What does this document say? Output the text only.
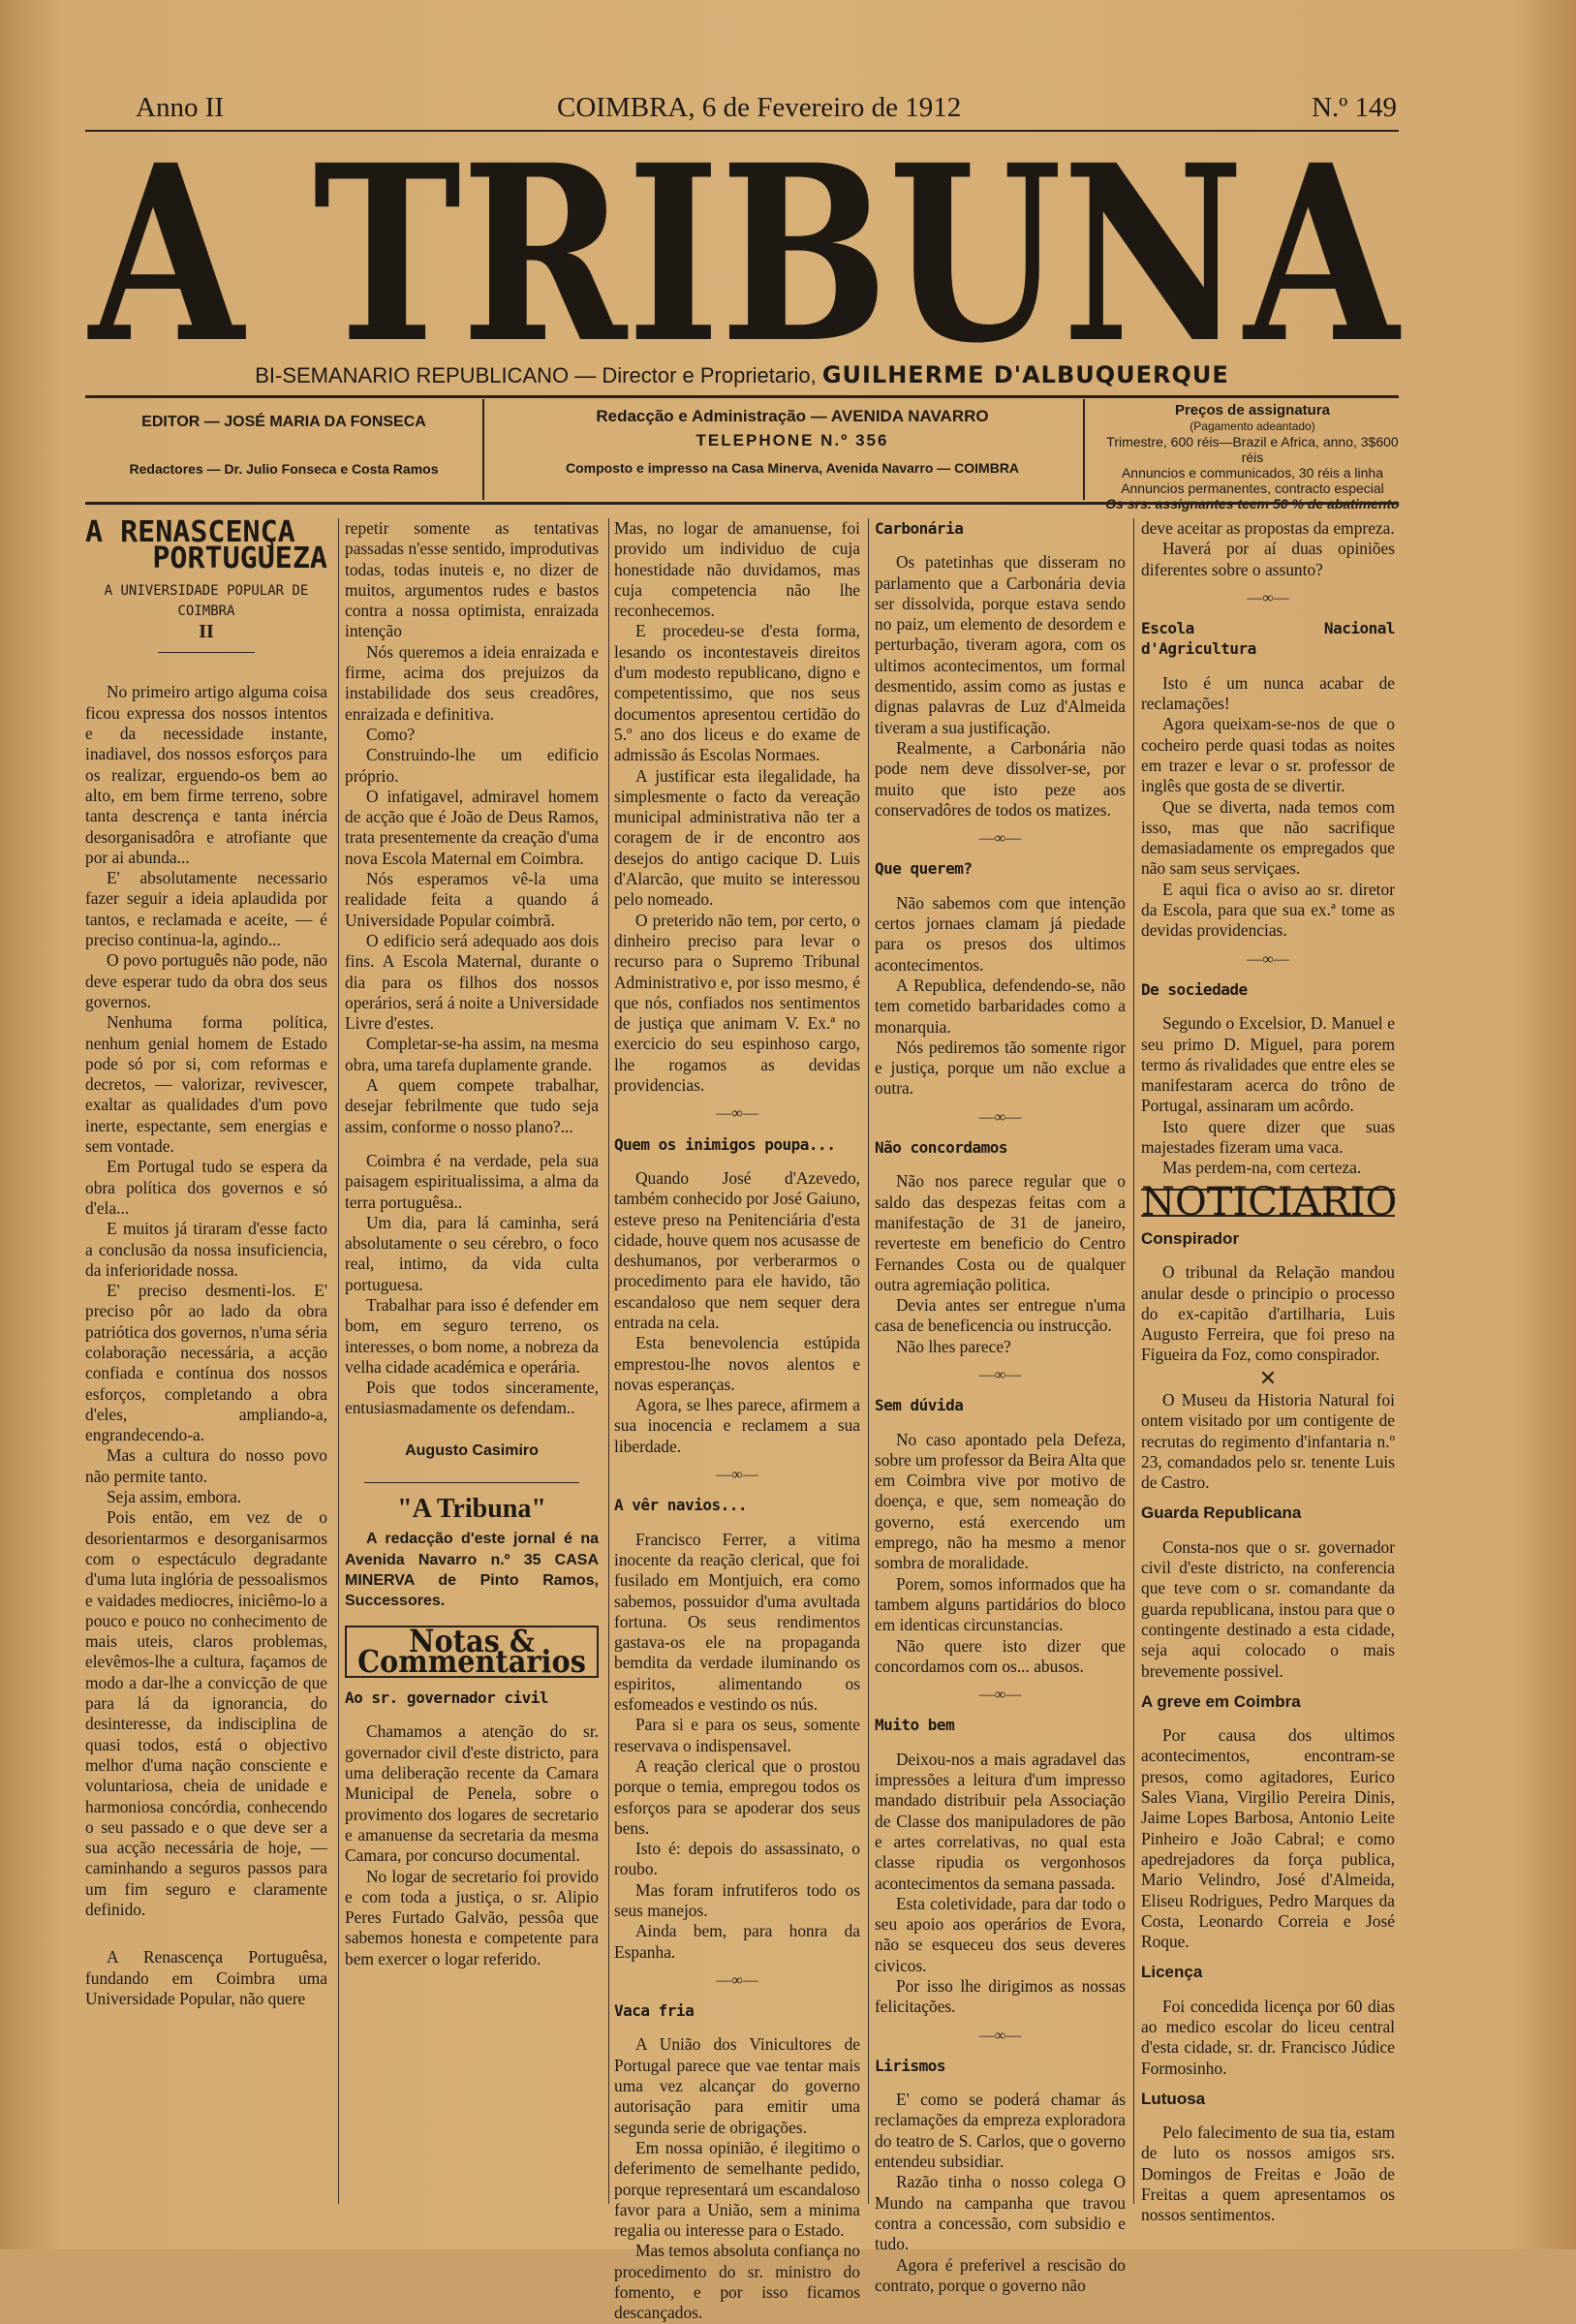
Anno II	COIMBRA, 6 de Fevereiro de 1912	N.º 149
A TRIBUNA
BI-SEMANARIO REPUBLICANO — Director e Proprietario, GUILHERME D'ALBUQUERQUE
EDITOR — JOSÉ MARIA DA FONSECA
Redactores — Dr. Julio Fonseca e Costa Ramos
Redacção e Administração — AVENIDA NAVARRO
TELEPHONE N.º 356
Composto e impresso na Casa Minerva, Avenida Navarro — COIMBRA
Preços de assignatura
(Pagamento adeantado)
Trimestre, 600 réis—Brazil e Africa, anno, 3$600 réis
Annuncios e communicados, 30 réis a linha
Annuncios permanentes, contracto especial
Os srs. assignantes teem 50 % de abatimento
A RENASCENÇA
PORTUGUEZA
A UNIVERSIDADE POPULAR DE COIMBRA
II

No primeiro artigo alguma coisa ficou expressa dos nossos intentos e da necessidade instante, inadiavel, dos nossos esforços para os realizar, erguendo-os bem ao alto, em bem firme terreno, sobre tanta descrença e tanta inércia desorganisadôra e atrofiante que por ai abunda...

E' absolutamente necessario fazer seguir a ideia aplaudida por tantos, e reclamada e aceite, — é preciso continua-la, agindo...

O povo português não pode, não deve esperar tudo da obra dos seus governos.

Nenhuma forma política, nenhum genial homem de Estado pode só por si, com reformas e decretos, — valorizar, revivescer, exaltar as qualidades d'um povo inerte, espectante, sem energias e sem vontade.

Em Portugal tudo se espera da obra política dos governos e só d'ela...

E muitos já tiraram d'esse facto a conclusão da nossa insuficiencia, da inferioridade nossa.

E' preciso desmenti-los. E' preciso pôr ao lado da obra patriótica dos governos, n'uma séria colaboração necessária, a acção confiada e contínua dos nossos esforços, completando a obra d'eles, ampliando-a, engrandecendo-a.

Mas a cultura do nosso povo não permite tanto.

Seja assim, embora.

Pois então, em vez de o desorientarmos e desorganisarmos com o espectáculo degradante d'uma luta inglória de pessoalismos e vaidades mediocres, iniciêmo-lo a pouco e pouco no conhecimento de mais uteis, claros problemas, elevêmos-lhe a cultura, façamos de modo a dar-lhe a convicção de que para lá da ignorancia, do desinteresse, da indisciplina de quasi todos, está o objectivo melhor d'uma nação consciente e voluntariosa, cheia de unidade e harmoniosa concórdia, conhecendo o seu passado e o que deve ser a sua acção necessária de hoje, — caminhando a seguros passos para um fim seguro e claramente definido.

A Renascença Portuguêsa, fundando em Coimbra uma Universidade Popular, não quere

repetir somente as tentativas passadas n'esse sentido, improdutivas todas, todas inuteis e, no dizer de muitos, argumentos rudes e bastos contra a nossa optimista, enraizada intenção

Nós queremos a ideia enraizada e firme, acima dos prejuizos da instabilidade dos seus creadôres, enraizada e definitiva.

Como?

Construindo-lhe um edificio próprio.

O infatigavel, admiravel homem de acção que é João de Deus Ramos, trata presentemente da creação d'uma nova Escola Maternal em Coimbra.

Nós esperamos vê-la uma realidade feita a quando á Universidade Popular coimbrã.

O edificio será adequado aos dois fins. A Escola Maternal, durante o dia para os filhos dos nossos operários, será á noite a Universidade Livre d'estes.

Completar-se-ha assim, na mesma obra, uma tarefa duplamente grande.

A quem compete trabalhar, desejar febrilmente que tudo seja assim, conforme o nosso plano?...

Coimbra é na verdade, pela sua paisagem espiritualissima, a alma da terra portuguêsa..

Um dia, para lá caminha, será absolutamente o seu cérebro, o foco real, intimo, da vida culta portuguesa.

Trabalhar para isso é defender em bom, em seguro terreno, os interesses, o bom nome, a nobreza da velha cidade académica e operária.

Pois que todos sinceramente, entusiasmadamente os defendam..

Augusto Casimiro
"A Tribuna"

A redacção d'este jornal é na Avenida Navarro n.º 35 CASA MINERVA de Pinto Ramos, Successores.

Notas & Commentarios
Ao sr. governador civil

Chamamos a atenção do sr. governador civil d'este districto, para uma deliberação recente da Camara Municipal de Penela, sobre o provimento dos logares de secretario e amanuense da secretaria da mesma Camara, por concurso documental.

No logar de secretario foi provido e com toda a justiça, o sr. Alipio Peres Furtado Galvão, pessôa que sabemos honesta e competente para bem exercer o logar referido.

Mas, no logar de amanuense, foi provido um individuo de cuja honestidade não duvidamos, mas cuja competencia não lhe reconhecemos.

E procedeu-se d'esta forma, lesando os incontestaveis direitos d'um modesto republicano, digno e competentissimo, que nos seus documentos apresentou certidão do 5.º ano dos liceus e do exame de admissão ás Escolas Normaes.

A justificar esta ilegalidade, ha simplesmente o facto da vereação municipal administrativa não ter a coragem de ir de encontro aos desejos do antigo cacique D. Luis d'Alarcão, que muito se interessou pelo nomeado.

O preterido não tem, por certo, o dinheiro preciso para levar o recurso para o Supremo Tribunal Administrativo e, por isso mesmo, é que nós, confiados nos sentimentos de justiça que animam V. Ex.ª no exercicio do seu espinhoso cargo, lhe rogamos as devidas providencias.

—∞—
Quem os inimigos poupa...

Quando José d'Azevedo, também conhecido por José Gaiuno, esteve preso na Penitenciária d'esta cidade, houve quem nos acusasse de deshumanos, por verberarmos o procedimento para ele havido, tão escandaloso que nem sequer dera entrada na cela.

Esta benevolencia estúpida emprestou-lhe novos alentos e novas esperanças.

Agora, se lhes parece, afirmem a sua inocencia e reclamem a sua liberdade.

—∞—
A vêr navios...

Francisco Ferrer, a vitima inocente da reação clerical, que foi fusilado em Montjuich, era como sabemos, possuidor d'uma avultada fortuna. Os seus rendimentos gastava-os ele na propaganda bemdita da verdade iluminando os espiritos, alimentando os esfomeados e vestindo os nús.

Para si e para os seus, somente reservava o indispensavel.

A reação clerical que o prostou porque o temia, empregou todos os esforços para se apoderar dos seus bens.

Isto é: depois do assassinato, o roubo.

Mas foram infrutiferos todo os seus manejos.

Ainda bem, para honra da Espanha.

—∞—
Vaca fria

A União dos Vinicultores de Portugal parece que vae tentar mais uma vez alcançar do governo autorisação para emitir uma segunda serie de obrigações.

Em nossa opinião, é ilegitimo o deferimento de semelhante pedido, porque representará um escandaloso favor para a União, sem a minima regalia ou interesse para o Estado.

Mas temos absoluta confiança no procedimento do sr. ministro do fomento, e por isso ficamos descançados.

Carbonária

Os patetinhas que disseram no parlamento que a Carbonária devia ser dissolvida, porque estava sendo no paiz, um elemento de desordem e perturbação, tiveram agora, com os ultimos acontecimentos, um formal desmentido, assim como as justas e dignas palavras de Luz d'Almeida tiveram a sua justificação.

Realmente, a Carbonária não pode nem deve dissolver-se, por muito que isto peze aos conservadôres de todos os matizes.

—∞—
Que querem?

Não sabemos com que intenção certos jornaes clamam já piedade para os presos dos ultimos acontecimentos.

A Republica, defendendo-se, não tem cometido barbaridades como a monarquia.

Nós pediremos tão somente rigor e justiça, porque um não exclue a outra.

—∞—
Não concordamos

Não nos parece regular que o saldo das despezas feitas com a manifestação de 31 de janeiro, reverteste em beneficio do Centro Fernandes Costa ou de qualquer outra agremiação politica.

Devia antes ser entregue n'uma casa de beneficencia ou instrucção.

Não lhes parece?

—∞—
Sem dúvida

No caso apontado pela Defeza, sobre um professor da Beira Alta que em Coimbra vive por motivo de doença, e que, sem nomeação do governo, está exercendo um emprego, não ha mesmo a menor sombra de moralidade.

Porem, somos informados que ha tambem alguns partidários do bloco em identicas circunstancias.

Não quere isto dizer que concordamos com os... abusos.

—∞—
Muito bem

Deixou-nos a mais agradavel das impressões a leitura d'um impresso mandado distribuir pela Associação de Classe dos manipuladores de pão e artes correlativas, no qual esta classe ripudia os vergonhosos acontecimentos da semana passada.

Esta coletividade, para dar todo o seu apoio aos operários de Evora, não se esqueceu dos seus deveres civicos.

Por isso lhe dirigimos as nossas felicitações.

—∞—
Lirismos

E' como se poderá chamar ás reclamações da empreza exploradora do teatro de S. Carlos, que o governo entendeu subsidiar.

Razão tinha o nosso colega O Mundo na campanha que travou contra a concessão, com subsidio e tudo.

Agora é preferivel a rescisão do contrato, porque o governo não

deve aceitar as propostas da empreza.

Haverá por aí duas opiniões diferentes sobre o assunto?

—∞—
Escola Nacional d'Agricultura

Isto é um nunca acabar de reclamações!

Agora queixam-se-nos de que o cocheiro perde quasi todas as noites em trazer e levar o sr. professor de inglês que gosta de se divertir.

Que se diverta, nada temos com isso, mas que não sacrifique demasiadamente os empregados que não sam seus serviçaes.

E aqui fica o aviso ao sr. diretor da Escola, para que sua ex.ª tome as devidas providencias.

—∞—
De sociedade

Segundo o Excelsior, D. Manuel e seu primo D. Miguel, para porem termo ás rivalidades que entre eles se manifestaram acerca do trôno de Portugal, assinaram um acôrdo.

Isto quere dizer que suas majestades fizeram uma vaca.

Mas perdem-na, com certeza.

NOTICIARIO
Conspirador

O tribunal da Relação mandou anular desde o principio o processo do ex-capitão d'artilharia, Luis Augusto Ferreira, que foi preso na Figueira da Foz, como conspirador.

✕

O Museu da Historia Natural foi ontem visitado por um contigente de recrutas do regimento d'infantaria n.º 23, comandados pelo sr. tenente Luis de Castro.

Guarda Republicana

Consta-nos que o sr. governador civil d'este districto, na conferencia que teve com o sr. comandante da guarda republicana, instou para que o contingente destinado a esta cidade, seja aqui colocado o mais brevemente possivel.

A greve em Coimbra

Por causa dos ultimos acontecimentos, encontram-se presos, como agitadores, Eurico Sales Viana, Virgilio Pereira Dinis, Jaime Lopes Barbosa, Antonio Leite Pinheiro e João Cabral; e como apedrejadores da força publica, Mario Velindro, José d'Almeida, Eliseu Rodrigues, Pedro Marques da Costa, Leonardo Correia e José Roque.

Licença

Foi concedida licença por 60 dias ao medico escolar do liceu central d'esta cidade, sr. dr. Francisco Júdice Formosinho.

Lutuosa

Pelo falecimento de sua tia, estam de luto os nossos amigos srs. Domingos de Freitas e João de Freitas a quem apresentamos os nossos sentimentos.
